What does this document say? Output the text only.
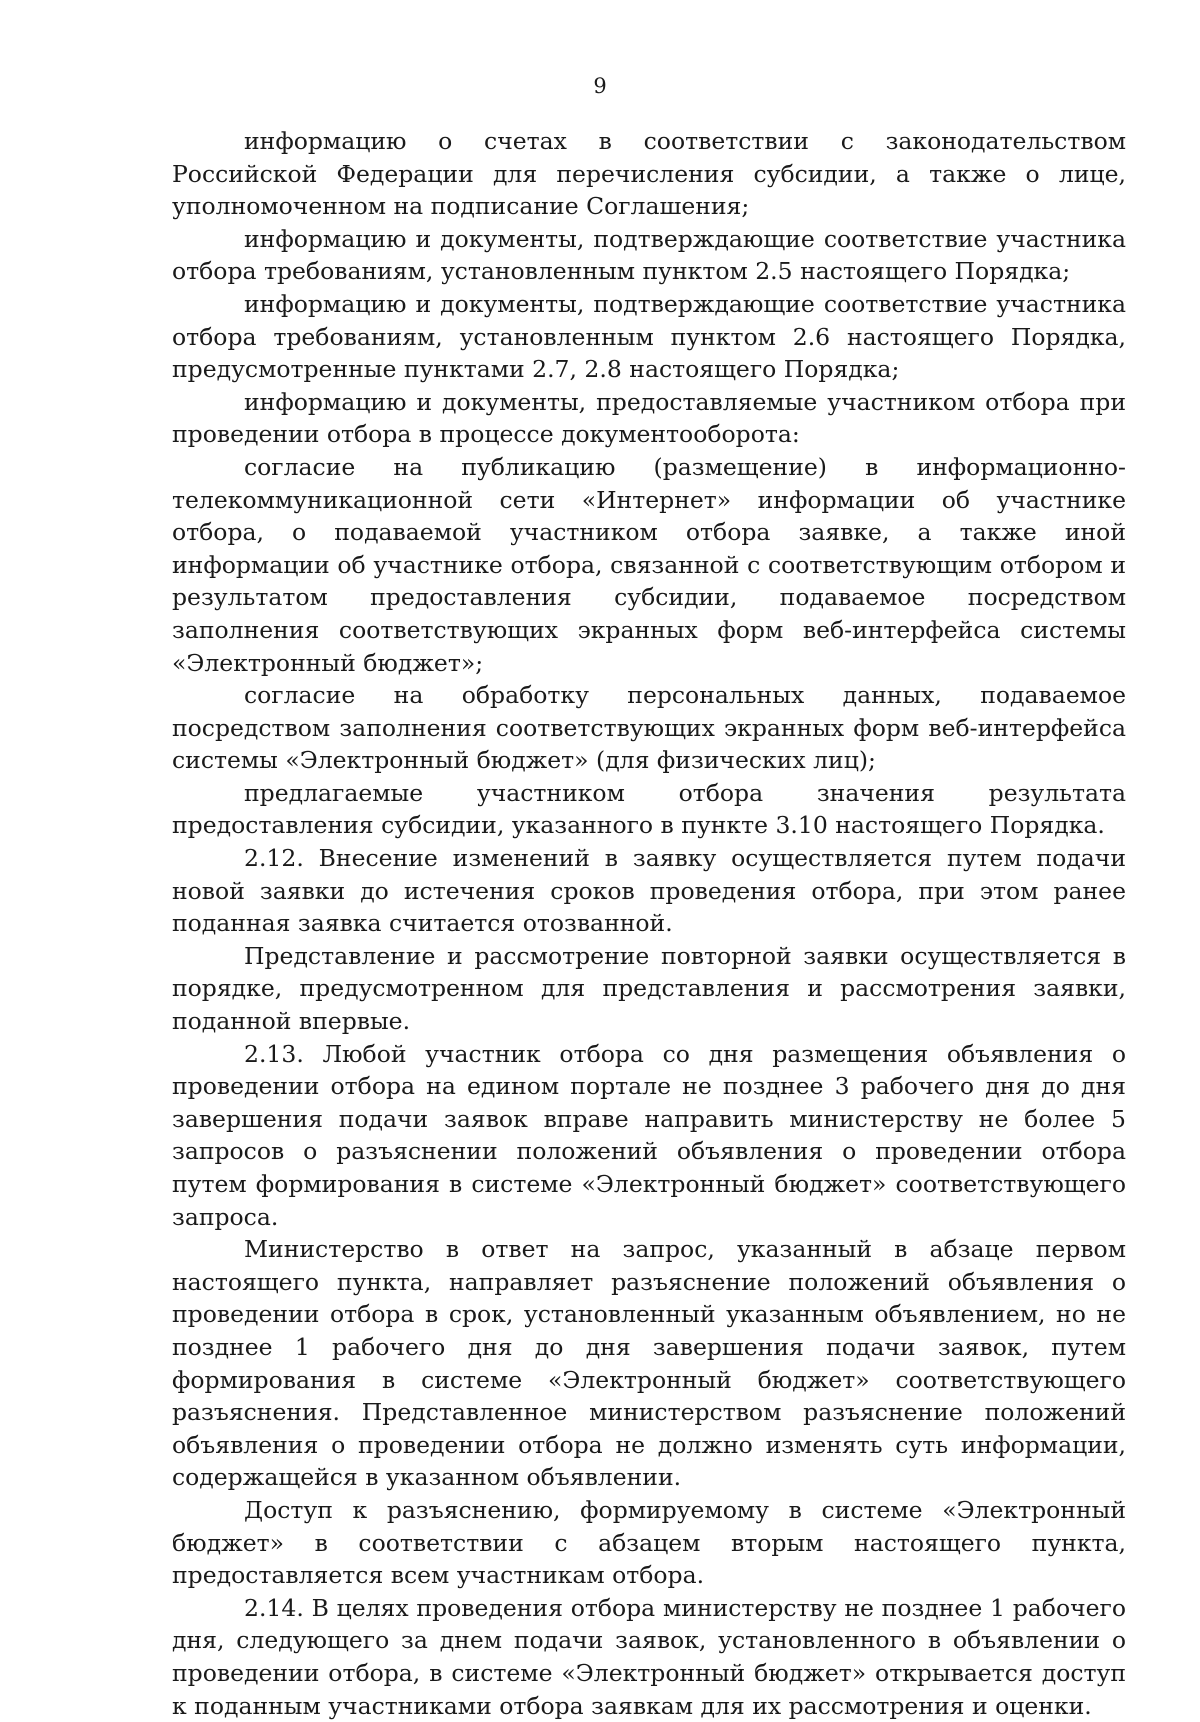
9

информацию о счетах в соответствии с законодательством Российской Федерации для перечисления субсидии, а также о лице, уполномоченном на подписание Соглашения;

информацию и документы, подтверждающие соответствие участника отбора требованиям, установленным пунктом 2.5 настоящего Порядка;

информацию и документы, подтверждающие соответствие участника отбора требованиям, установленным пунктом 2.6 настоящего Порядка, предусмотренные пунктами 2.7, 2.8 настоящего Порядка;

информацию и документы, предоставляемые участником отбора при проведении отбора в процессе документооборота:

согласие на публикацию (размещение) в информационно-телекоммуникационной сети «Интернет» информации об участнике отбора, о подаваемой участником отбора заявке, а также иной информации об участнике отбора, связанной с соответствующим отбором и результатом предоставления субсидии, подаваемое посредством заполнения соответствующих экранных форм веб-интерфейса системы «Электронный бюджет»;

согласие на обработку персональных данных, подаваемое посредством заполнения соответствующих экранных форм веб-интерфейса системы «Электронный бюджет» (для физических лиц);

предлагаемые участником отбора значения результата предоставления субсидии, указанного в пункте 3.10 настоящего Порядка.

2.12. Внесение изменений в заявку осуществляется путем подачи новой заявки до истечения сроков проведения отбора, при этом ранее поданная заявка считается отозванной.

Представление и рассмотрение повторной заявки осуществляется в порядке, предусмотренном для представления и рассмотрения заявки, поданной впервые.

2.13. Любой участник отбора со дня размещения объявления о проведении отбора на едином портале не позднее 3 рабочего дня до дня завершения подачи заявок вправе направить министерству не более 5 запросов о разъяснении положений объявления о проведении отбора путем формирования в системе «Электронный бюджет» соответствующего запроса.

Министерство в ответ на запрос, указанный в абзаце первом настоящего пункта, направляет разъяснение положений объявления о проведении отбора в срок, установленный указанным объявлением, но не позднее 1 рабочего дня до дня завершения подачи заявок, путем формирования в системе «Электронный бюджет» соответствующего разъяснения. Представленное министерством разъяснение положений объявления о проведении отбора не должно изменять суть информации, содержащейся в указанном объявлении.

Доступ к разъяснению, формируемому в системе «Электронный бюджет» в соответствии с абзацем вторым настоящего пункта, предоставляется всем участникам отбора.

2.14. В целях проведения отбора министерству не позднее 1 рабочего дня, следующего за днем подачи заявок, установленного в объявлении о проведении отбора, в системе «Электронный бюджет» открывается доступ к поданным участниками отбора заявкам для их рассмотрения и оценки.
